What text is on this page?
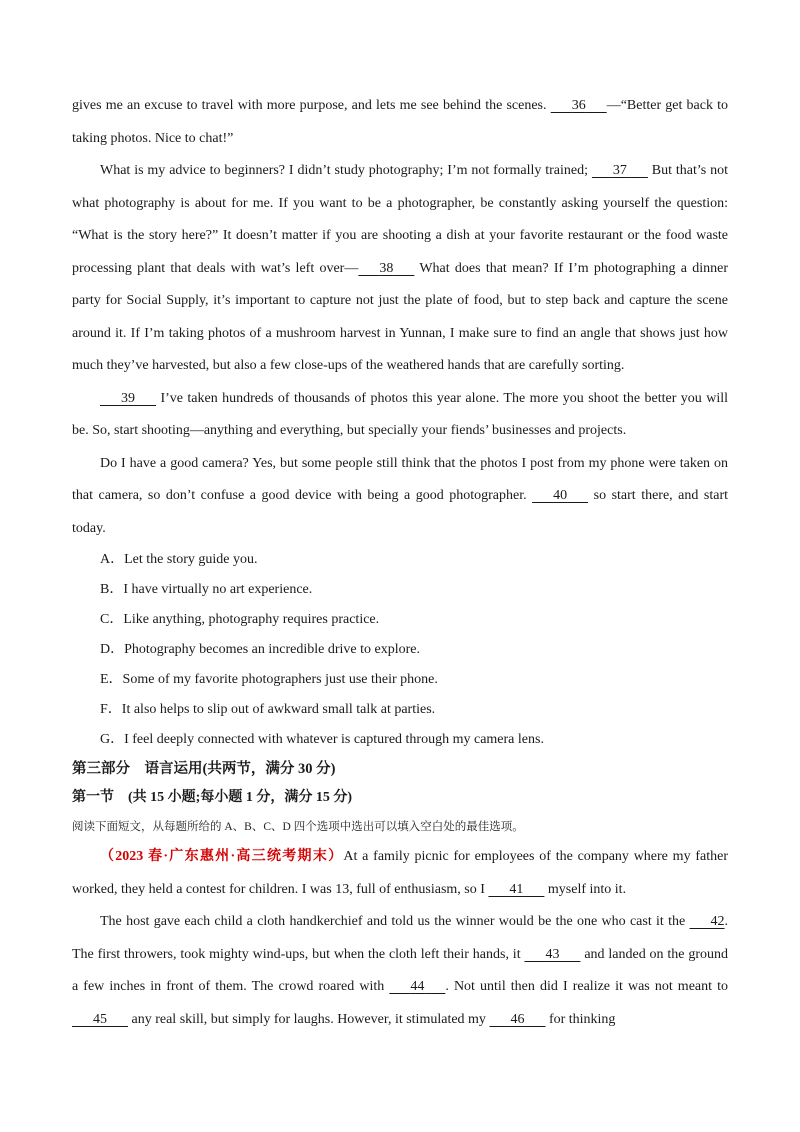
gives me an excuse to travel with more purpose, and lets me see behind the scenes. 36 —“Better get back to taking photos. Nice to chat!”

What is my advice to beginners? I didn’t study photography; I’m not formally trained; 37 But that’s not what photography is about for me. If you want to be a photographer, be constantly asking yourself the question: “What is the story here?” It doesn’t matter if you are shooting a dish at your favorite restaurant or the food waste processing plant that deals with wat’s left over— 38 What does that mean? If I’m photographing a dinner party for Social Supply, it’s important to capture not just the plate of food, but to step back and capture the scene around it. If I’m taking photos of a mushroom harvest in Yunnan, I make sure to find an angle that shows just how much they’ve harvested, but also a few close-ups of the weathered hands that are carefully sorting.

39 I’ve taken hundreds of thousands of photos this year alone. The more you shoot the better you will be. So, start shooting—anything and everything, but specially your fiends’ businesses and projects.

Do I have a good camera? Yes, but some people still think that the photos I post from my phone were taken on that camera, so don’t confuse a good device with being a good photographer. 40 so start there, and start today.

A．Let the story guide you.

B．I have virtually no art experience.

C．Like anything, photography requires practice.

D．Photography becomes an incredible drive to explore.

E．Some of my favorite photographers just use their phone.

F．It also helps to slip out of awkward small talk at parties.

G．I feel deeply connected with whatever is captured through my camera lens.

第三部分　语言运用(共两节，满分 30 分)

第一节　(共 15 小题;每小题 1 分，满分 15 分)

阅读下面短文，从每题所给的 A、B、C、D 四个选项中选出可以填入空白处的最佳选项。

（2023 春·广东惠州·高三统考期末）At a family picnic for employees of the company where my father worked, they held a contest for children. I was 13, full of enthusiasm, so I 41 myself into it.

The host gave each child a cloth handkerchief and told us the winner would be the one who cast it the 42. The first throwers, took mighty wind-ups, but when the cloth left their hands, it 43 and landed on the ground a few inches in front of them. The crowd roared with 44 . Not until then did I realize it was not meant to       45 any real skill, but simply for laughs. However, it stimulated my 46 for thinking
